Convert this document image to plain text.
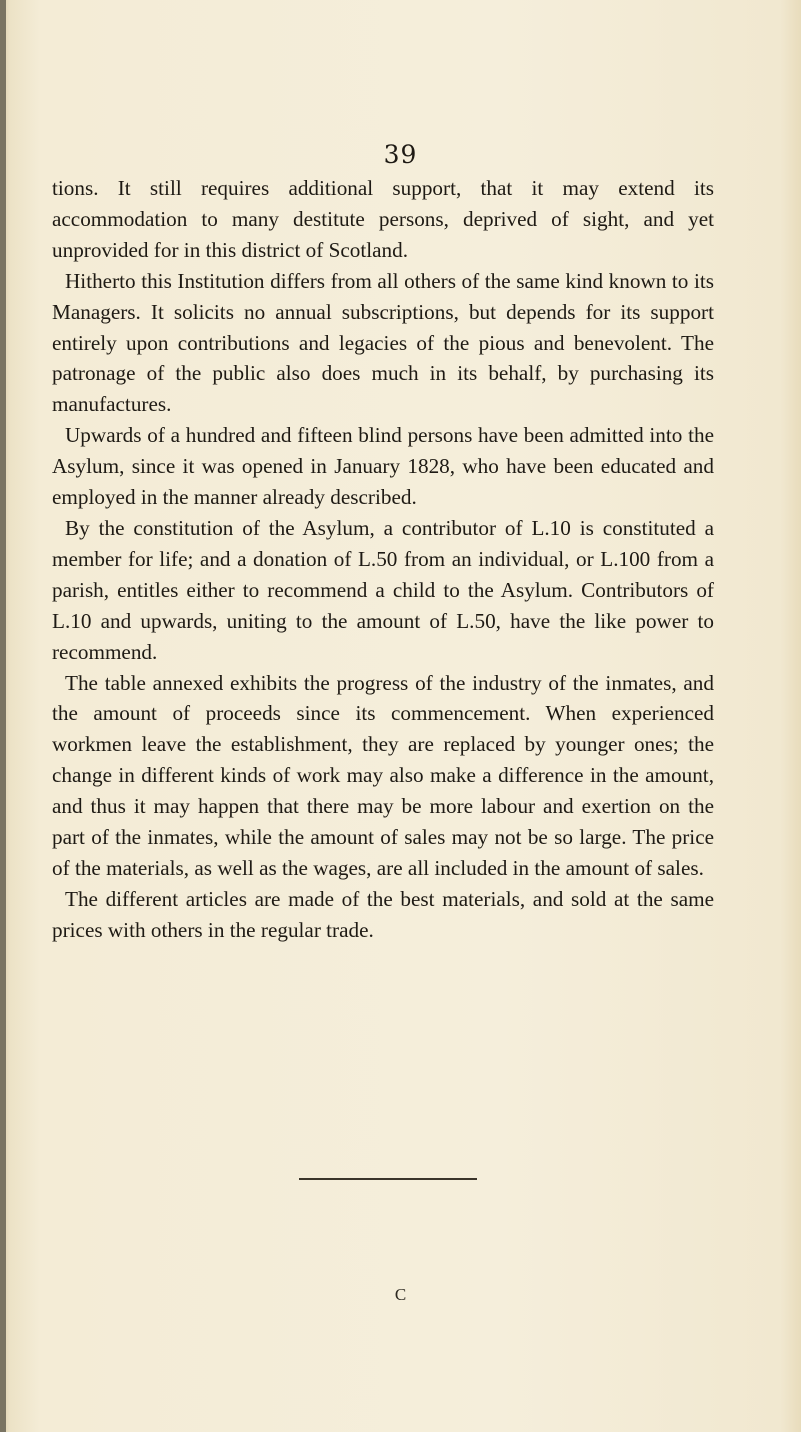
39

tions. It still requires additional support, that it may extend its accommodation to many destitute persons, deprived of sight, and yet unprovided for in this district of Scotland.

Hitherto this Institution differs from all others of the same kind known to its Managers. It solicits no annual subscriptions, but depends for its support entirely upon contributions and legacies of the pious and benevolent. The patronage of the public also does much in its behalf, by purchasing its manufactures.

Upwards of a hundred and fifteen blind persons have been admitted into the Asylum, since it was opened in January 1828, who have been educated and employed in the manner already described.

By the constitution of the Asylum, a contributor of L.10 is constituted a member for life; and a donation of L.50 from an individual, or L.100 from a parish, entitles either to recommend a child to the Asylum. Contributors of L.10 and upwards, uniting to the amount of L.50, have the like power to recommend.

The table annexed exhibits the progress of the industry of the inmates, and the amount of proceeds since its commencement. When experienced workmen leave the establishment, they are replaced by younger ones; the change in different kinds of work may also make a difference in the amount, and thus it may happen that there may be more labour and exertion on the part of the inmates, while the amount of sales may not be so large. The price of the materials, as well as the wages, are all included in the amount of sales.

The different articles are made of the best materials, and sold at the same prices with others in the regular trade.

C
